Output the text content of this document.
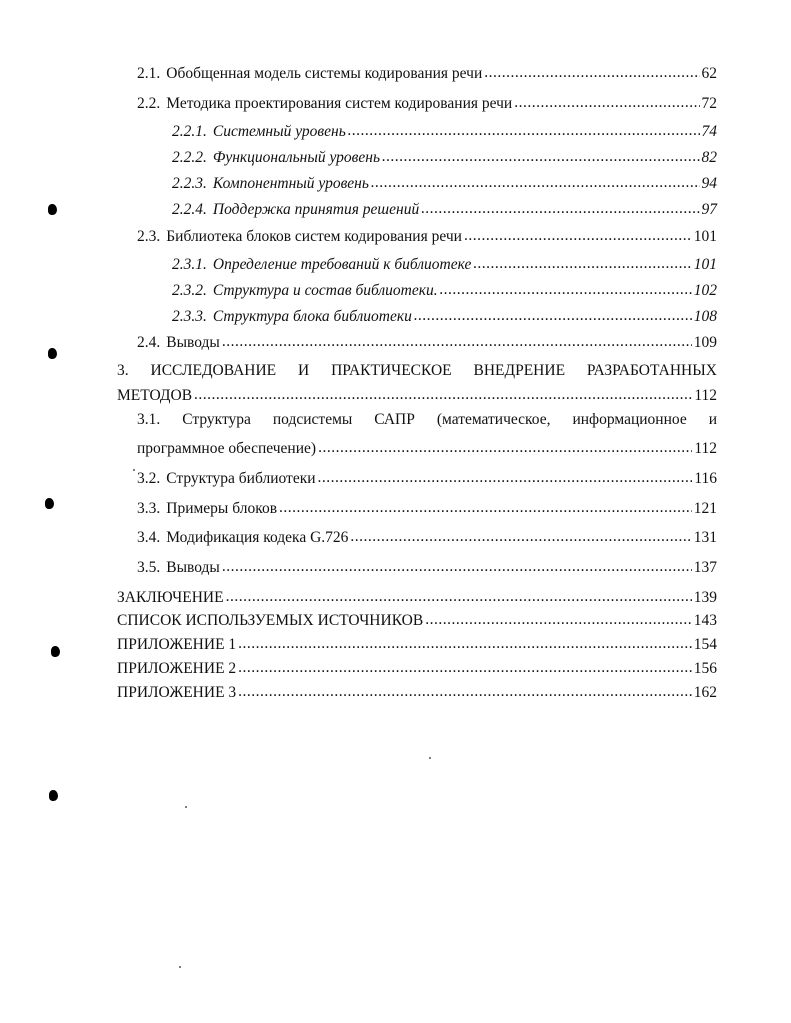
2.1. Обобщенная модель системы кодирования речи .....	62
2.2. Методика проектирования систем кодирования речи .....	72
2.2.1. Системный уровень .....	74
2.2.2. Функциональный уровень .....	82
2.2.3. Компонентный уровень .....	94
2.2.4. Поддержка принятия решений .....	97
2.3. Библиотека блоков систем кодирования речи .....	101
2.3.1. Определение требований к библиотеке .....	101
2.3.2. Структура и состав библиотеки. .....	102
2.3.3. Структура блока библиотеки .....	108
2.4. Выводы .....	109
3. ИССЛЕДОВАНИЕ И ПРАКТИЧЕСКОЕ ВНЕДРЕНИЕ РАЗРАБОТАННЫХ
МЕТОДОВ .....	112
3.1. Структура подсистемы САПР (математическое, информационное и
программное обеспечение) .....	112
3.2. Структура библиотеки .....	116
3.3. Примеры блоков .....	121
3.4. Модификация кодека G.726 .....	131
3.5. Выводы .....	137
ЗАКЛЮЧЕНИЕ .....	139
СПИСОК ИСПОЛЬЗУЕМЫХ ИСТОЧНИКОВ .....	143
ПРИЛОЖЕНИЕ 1 .....	154
ПРИЛОЖЕНИЕ 2 .....	156
ПРИЛОЖЕНИЕ 3 .....	162
